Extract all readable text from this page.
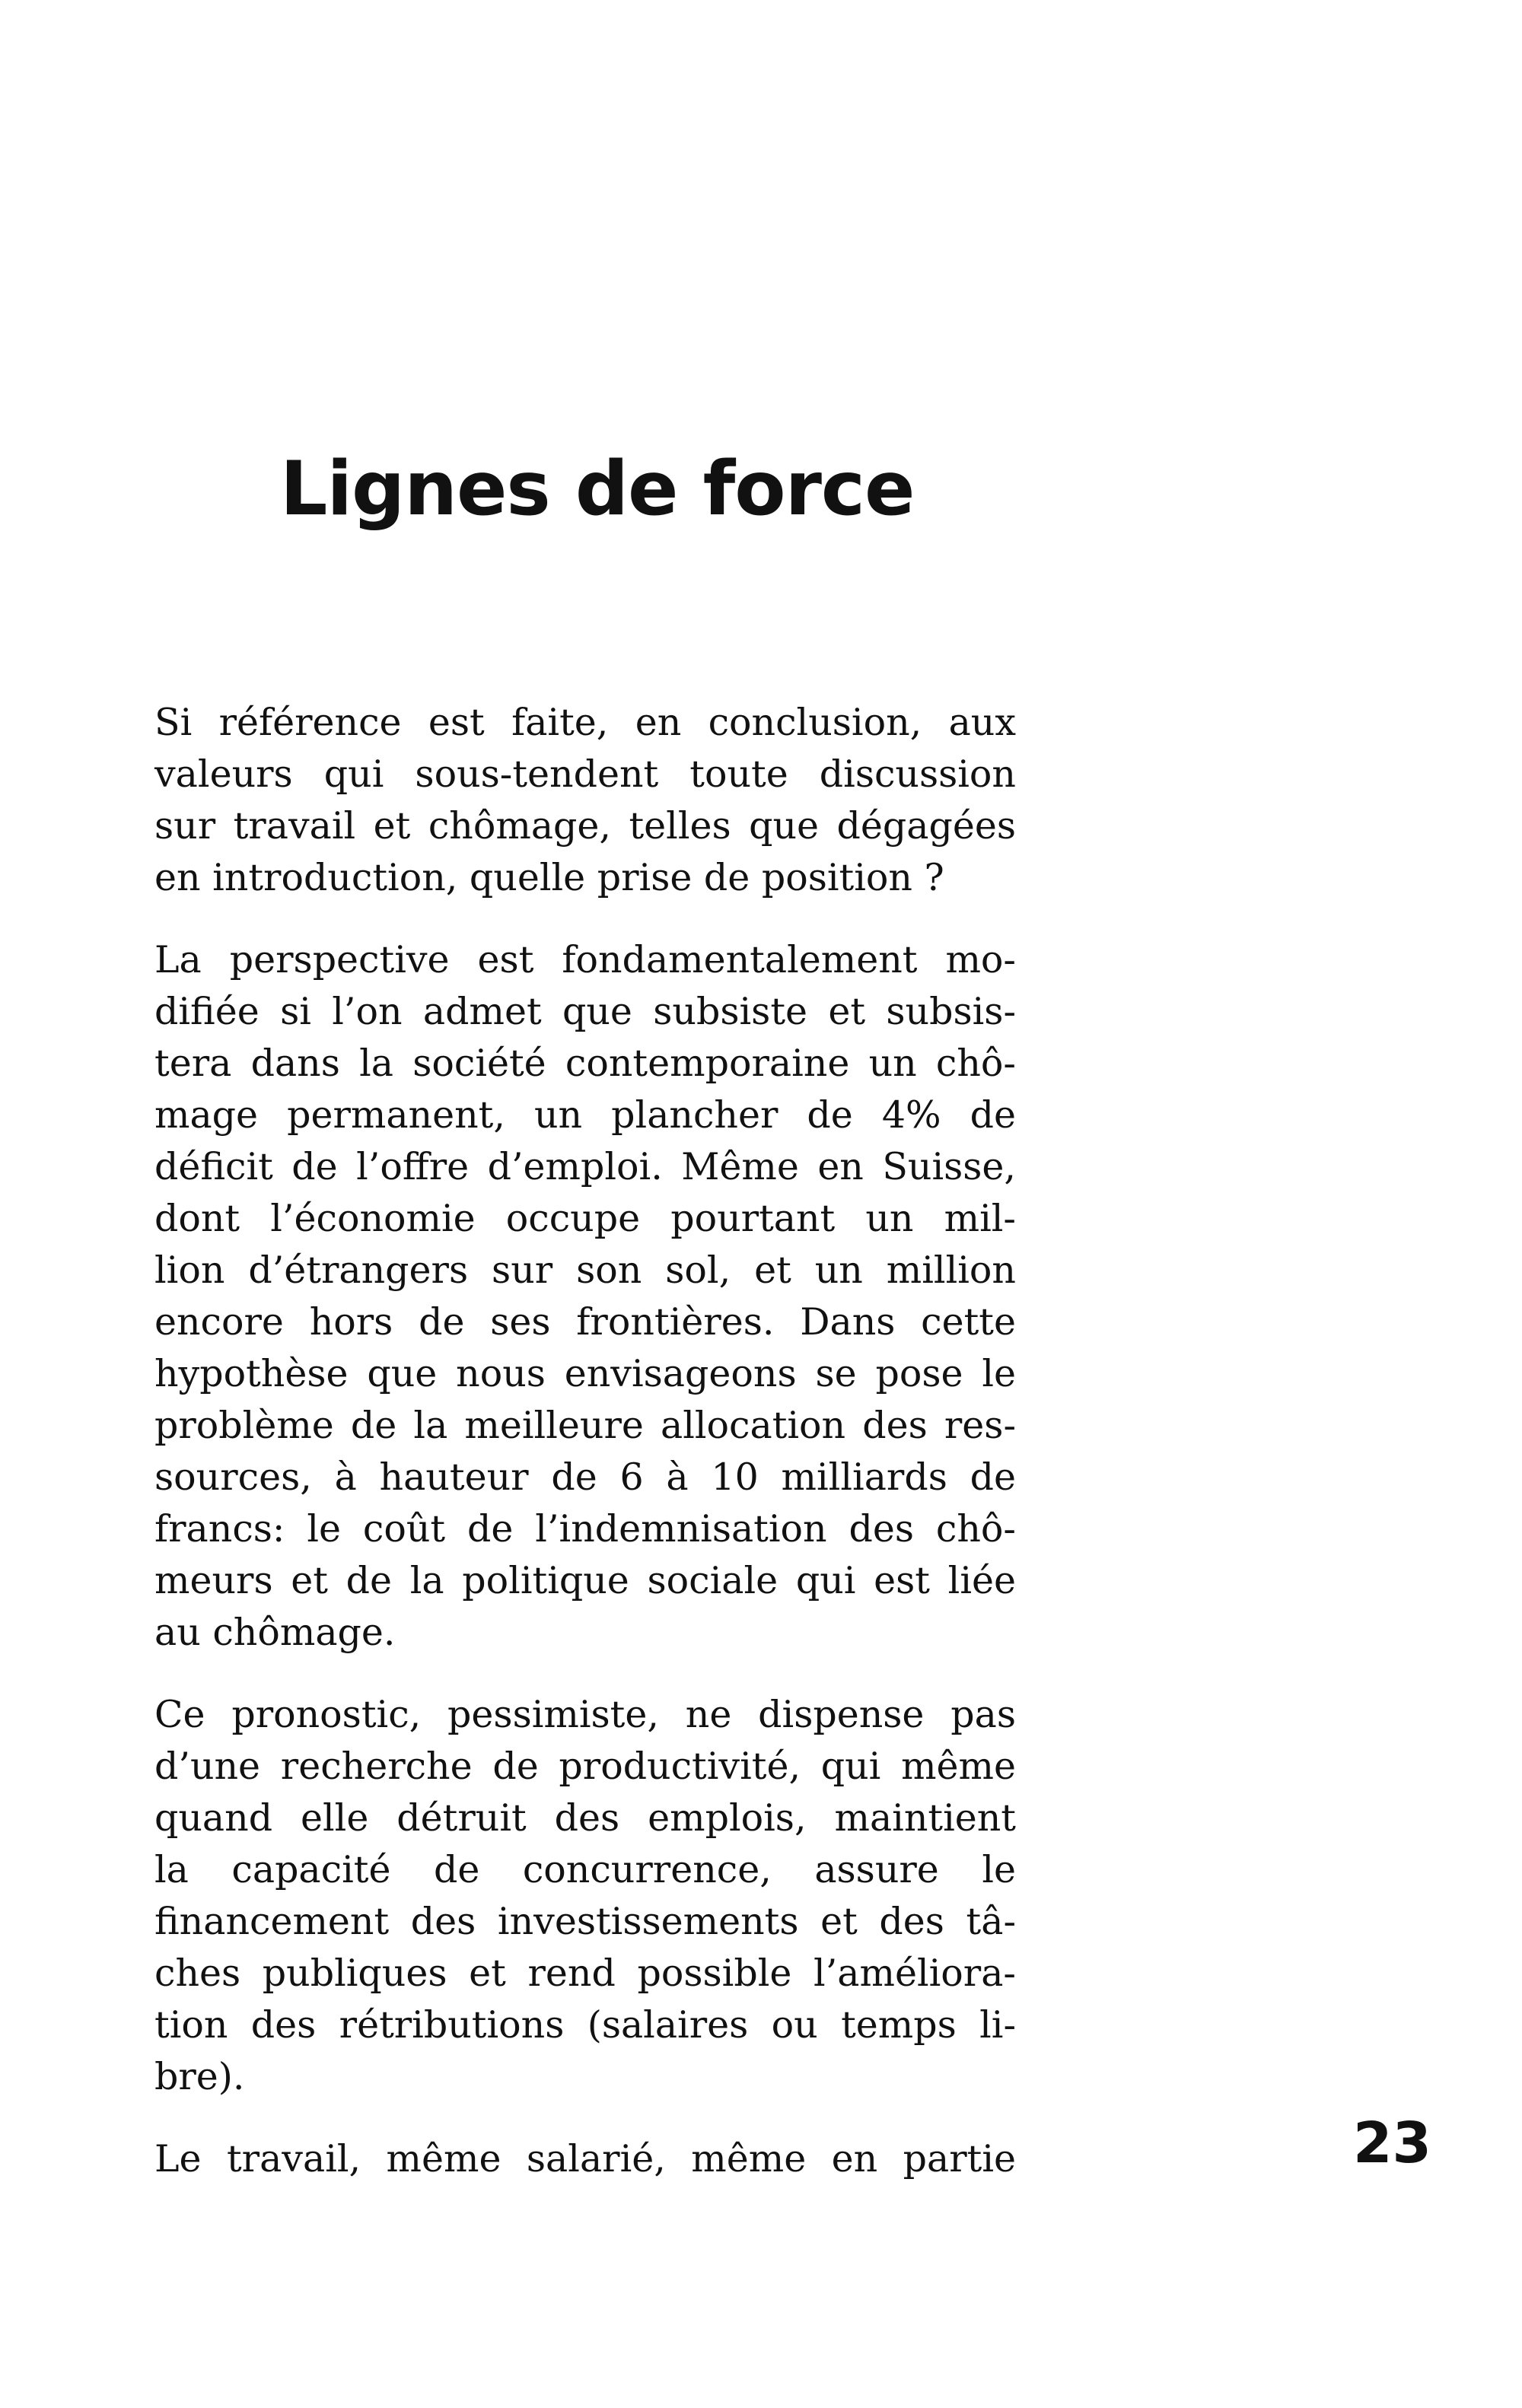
Lignes de force

Si référence est faite, en conclusion, aux
valeurs qui sous-tendent toute discussion
sur travail et chômage, telles que dégagées
en introduction, quelle prise de position ?

La perspective est fondamentalement mo-
difiée si l’on admet que subsiste et subsis-
tera dans la société contemporaine un chô-
mage permanent, un plancher de 4% de
déficit de l’offre d’emploi. Même en Suisse,
dont l’économie occupe pourtant un mil-
lion d’étrangers sur son sol, et un million
encore hors de ses frontières. Dans cette
hypothèse que nous envisageons se pose le
problème de la meilleure allocation des res-
sources, à hauteur de 6 à 10 milliards de
francs: le coût de l’indemnisation des chô-
meurs et de la politique sociale qui est liée
au chômage.

Ce pronostic, pessimiste, ne dispense pas
d’une recherche de productivité, qui même
quand elle détruit des emplois, maintient
la capacité de concurrence, assure le
financement des investissements et des tâ-
ches publiques et rend possible l’améliora-
tion des rétributions (salaires ou temps li-
bre).

Le travail, même salarié, même en partie	23
